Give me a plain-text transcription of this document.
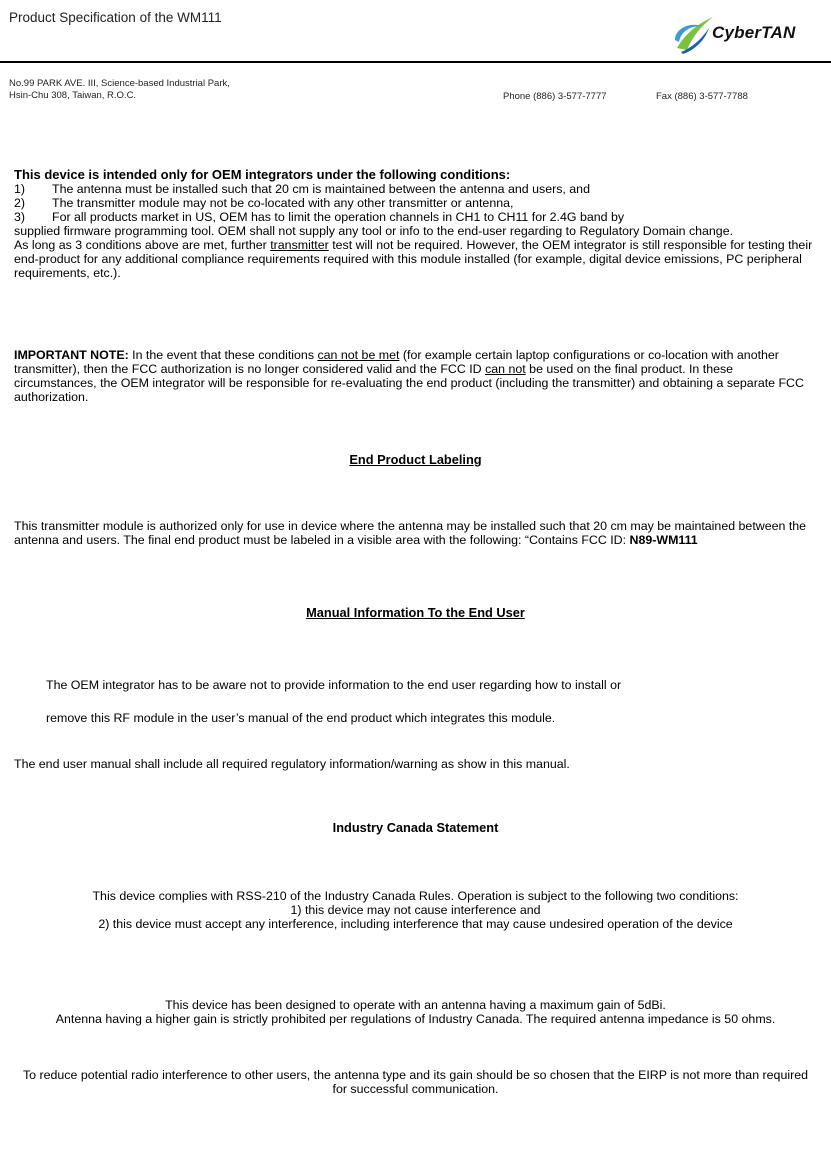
Product Specification of the WM111
CyberTAN
No.99 PARK AVE. III, Science-based Industrial Park,
Hsin-Chu 308, Taiwan, R.O.C.	Phone (886) 3-577-7777	Fax (886) 3-577-7788

This device is intended only for OEM integrators under the following conditions:

1)	The antenna must be installed such that 20 cm is maintained between the antenna and users, and
2)	The transmitter module may not be co-located with any other transmitter or antenna,
3)	For all products market in US, OEM has to limit the operation channels in CH1 to CH11 for 2.4G band by

supplied firmware programming tool. OEM shall not supply any tool or info to the end-user regarding to Regulatory Domain change.

As long as 3 conditions above are met, further transmitter test will not be required. However, the OEM integrator is still responsible for testing their end-product for any additional compliance requirements required with this module installed (for example, digital device emissions, PC peripheral requirements, etc.).

IMPORTANT NOTE: In the event that these conditions can not be met (for example certain laptop configurations or co-location with another transmitter), then the FCC authorization is no longer considered valid and the FCC ID can not be used on the final product. In these circumstances, the OEM integrator will be responsible for re-evaluating the end product (including the transmitter) and obtaining a separate FCC authorization.

End Product Labeling

This transmitter module is authorized only for use in device where the antenna may be installed such that 20 cm may be maintained between the antenna and users. The final end product must be labeled in a visible area with the following: “Contains FCC ID: N89-WM111

Manual Information To the End User
The OEM integrator has to be aware not to provide information to the end user regarding how to install or
remove this RF module in the user’s manual of the end product which integrates this module.
The end user manual shall include all required regulatory information/warning as show in this manual.
Industry Canada Statement
This device complies with RSS-210 of the Industry Canada Rules. Operation is subject to the following two conditions:
1) this device may not cause interference and
2) this device must accept any interference, including interference that may cause undesired operation of the device
This device has been designed to operate with an antenna having a maximum gain of 5dBi.
Antenna having a higher gain is strictly prohibited per regulations of Industry Canada. The required antenna impedance is 50 ohms.
To reduce potential radio interference to other users, the antenna type and its gain should be so chosen that the EIRP is not more than required for successful communication.
